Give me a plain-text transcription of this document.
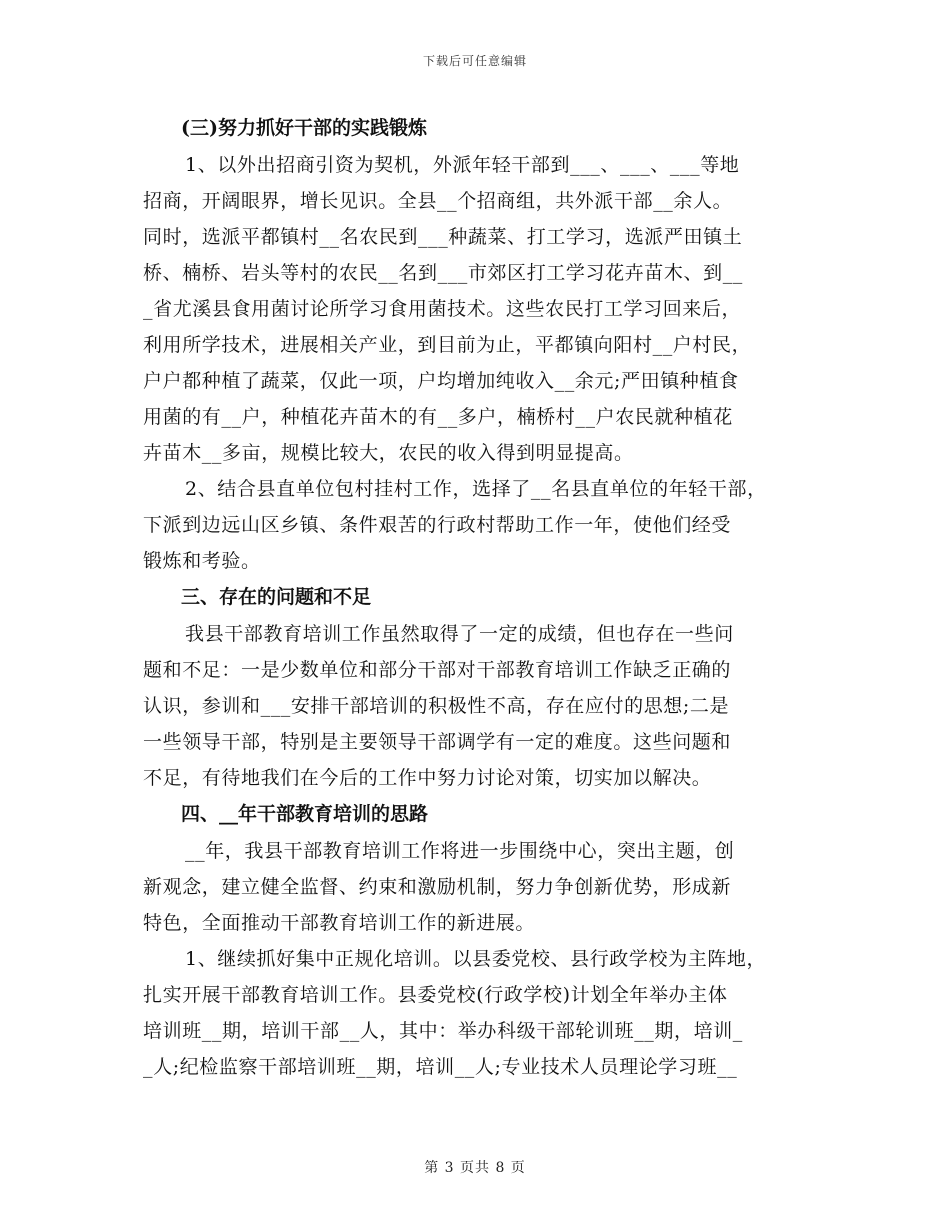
下载后可任意编辑

(三)努力抓好干部的实践锻炼

1、以外出招商引资为契机，外派年轻干部到___、___、___等地

招商，开阔眼界，增长见识。全县__个招商组，共外派干部__余人。

同时，选派平都镇村__名农民到___种蔬菜、打工学习，选派严田镇土

桥、楠桥、岩头等村的农民__名到___市郊区打工学习花卉苗木、到__

_省尤溪县食用菌讨论所学习食用菌技术。这些农民打工学习回来后，

利用所学技术，进展相关产业，到目前为止，平都镇向阳村__户村民，

户户都种植了蔬菜，仅此一项，户均增加纯收入__余元;严田镇种植食

用菌的有__户，种植花卉苗木的有__多户，楠桥村__户农民就种植花

卉苗木__多亩，规模比较大，农民的收入得到明显提高。

2、结合县直单位包村挂村工作，选择了__名县直单位的年轻干部，

下派到边远山区乡镇、条件艰苦的行政村帮助工作一年，使他们经受

锻炼和考验。

三、存在的问题和不足

我县干部教育培训工作虽然取得了一定的成绩，但也存在一些问

题和不足：一是少数单位和部分干部对干部教育培训工作缺乏正确的

认识，参训和___安排干部培训的积极性不高，存在应付的思想;二是

一些领导干部，特别是主要领导干部调学有一定的难度。这些问题和

不足，有待地我们在今后的工作中努力讨论对策，切实加以解决。

四、__年干部教育培训的思路

__年，我县干部教育培训工作将进一步围绕中心，突出主题，创

新观念，建立健全监督、约束和激励机制，努力争创新优势，形成新

特色，全面推动干部教育培训工作的新进展。

1、继续抓好集中正规化培训。以县委党校、县行政学校为主阵地，

扎实开展干部教育培训工作。县委党校(行政学校)计划全年举办主体

培训班__期，培训干部__人，其中：举办科级干部轮训班__期，培训_

_人;纪检监察干部培训班__期，培训__人;专业技术人员理论学习班__

第 3 页共 8 页
